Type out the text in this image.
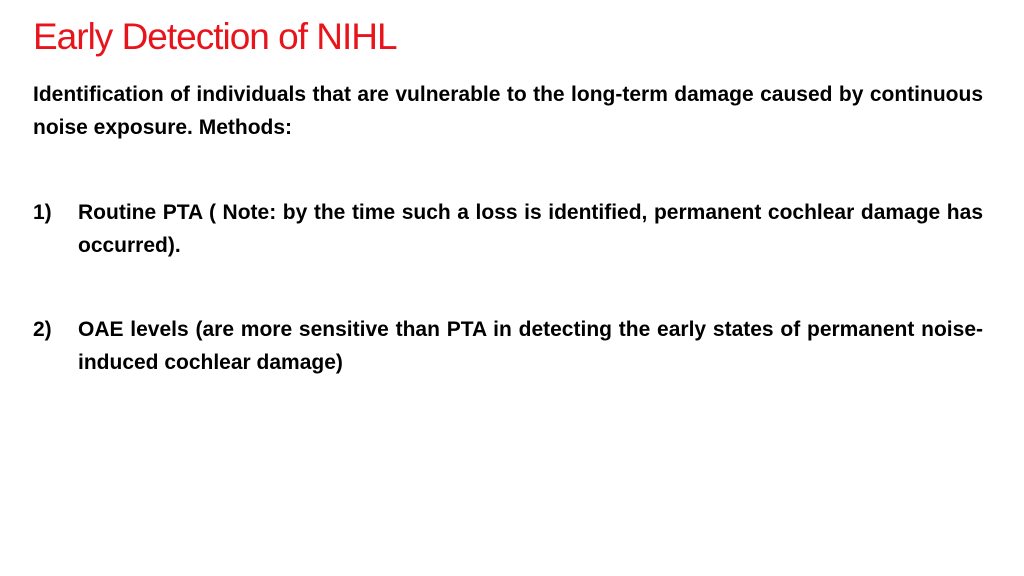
Early Detection of NIHL

Identification of individuals that are vulnerable to the long-term damage caused by continuous noise exposure. Methods:

1)	Routine PTA ( Note: by the time such a loss is identified, permanent cochlear damage has occurred).
2)	OAE levels (are more sensitive than PTA in detecting the early states of permanent noise-induced cochlear damage)
